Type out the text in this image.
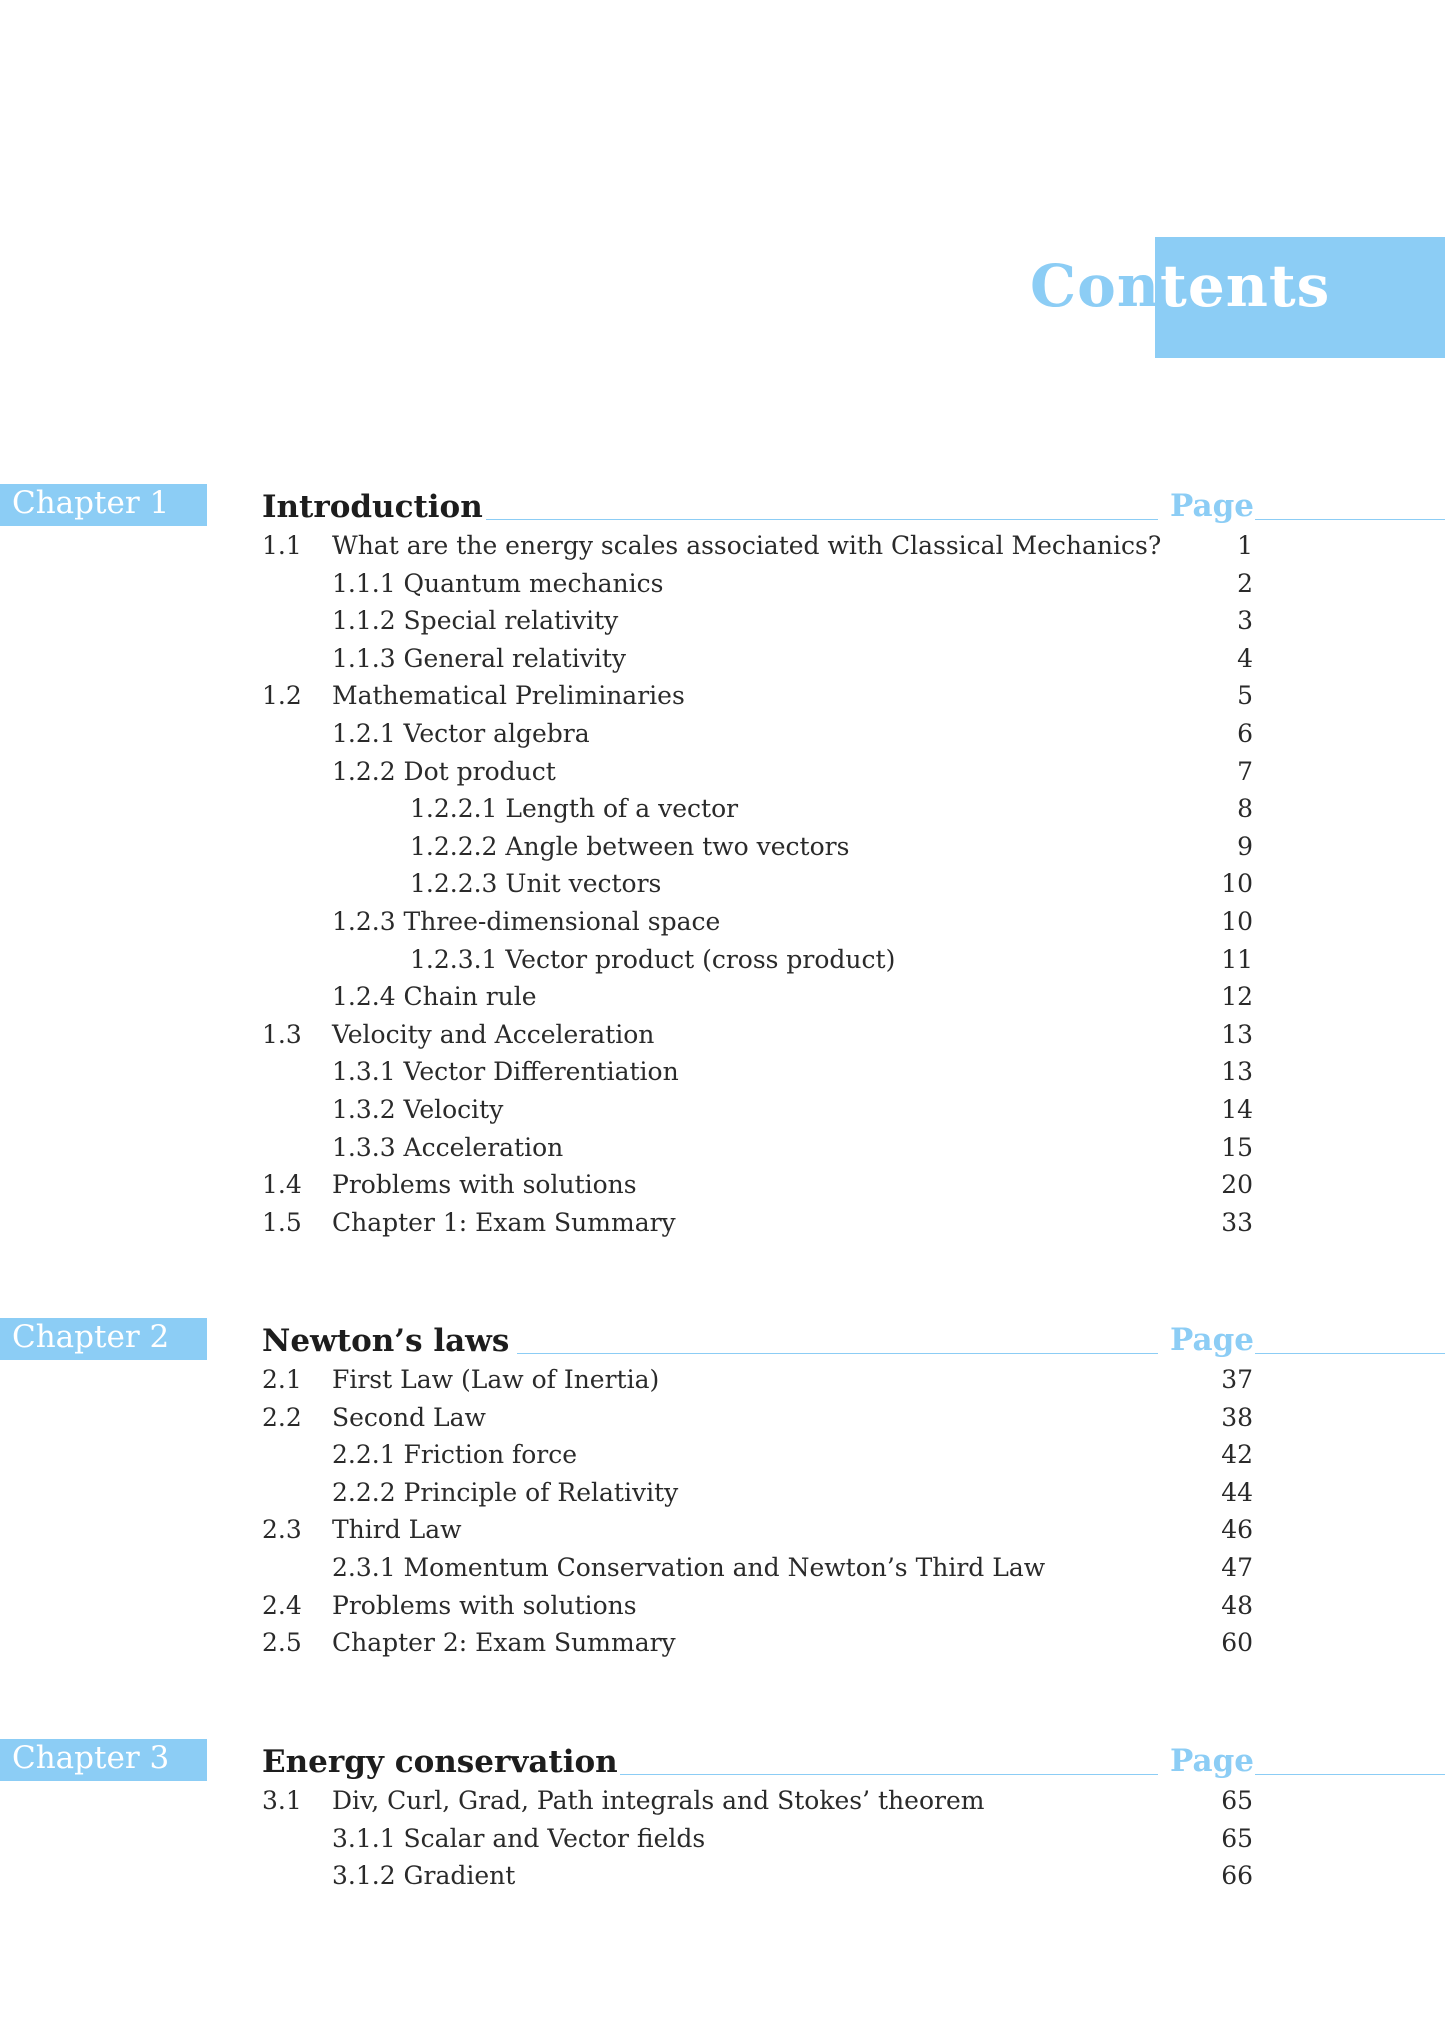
Contents
Chapter 1	Introduction	Page
1.1 What are the energy scales associated with Classical Mechanics?	1
1.1.1 Quantum mechanics	2
1.1.2 Special relativity	3
1.1.3 General relativity	4
1.2 Mathematical Preliminaries	5
1.2.1 Vector algebra	6
1.2.2 Dot product	7
1.2.2.1 Length of a vector	8
1.2.2.2 Angle between two vectors	9
1.2.2.3 Unit vectors	10
1.2.3 Three-dimensional space	10
1.2.3.1 Vector product (cross product)	11
1.2.4 Chain rule	12
1.3 Velocity and Acceleration	13
1.3.1 Vector Differentiation	13
1.3.2 Velocity	14
1.3.3 Acceleration	15
1.4 Problems with solutions	20
1.5 Chapter 1: Exam Summary	33
Chapter 2	Newton’s laws	Page
2.1 First Law (Law of Inertia)	37
2.2 Second Law	38
2.2.1 Friction force	42
2.2.2 Principle of Relativity	44
2.3 Third Law	46
2.3.1 Momentum Conservation and Newton’s Third Law	47
2.4 Problems with solutions	48
2.5 Chapter 2: Exam Summary	60
Chapter 3	Energy conservation	Page
3.1 Div, Curl, Grad, Path integrals and Stokes’ theorem	65
3.1.1 Scalar and Vector fields	65
3.1.2 Gradient	66
